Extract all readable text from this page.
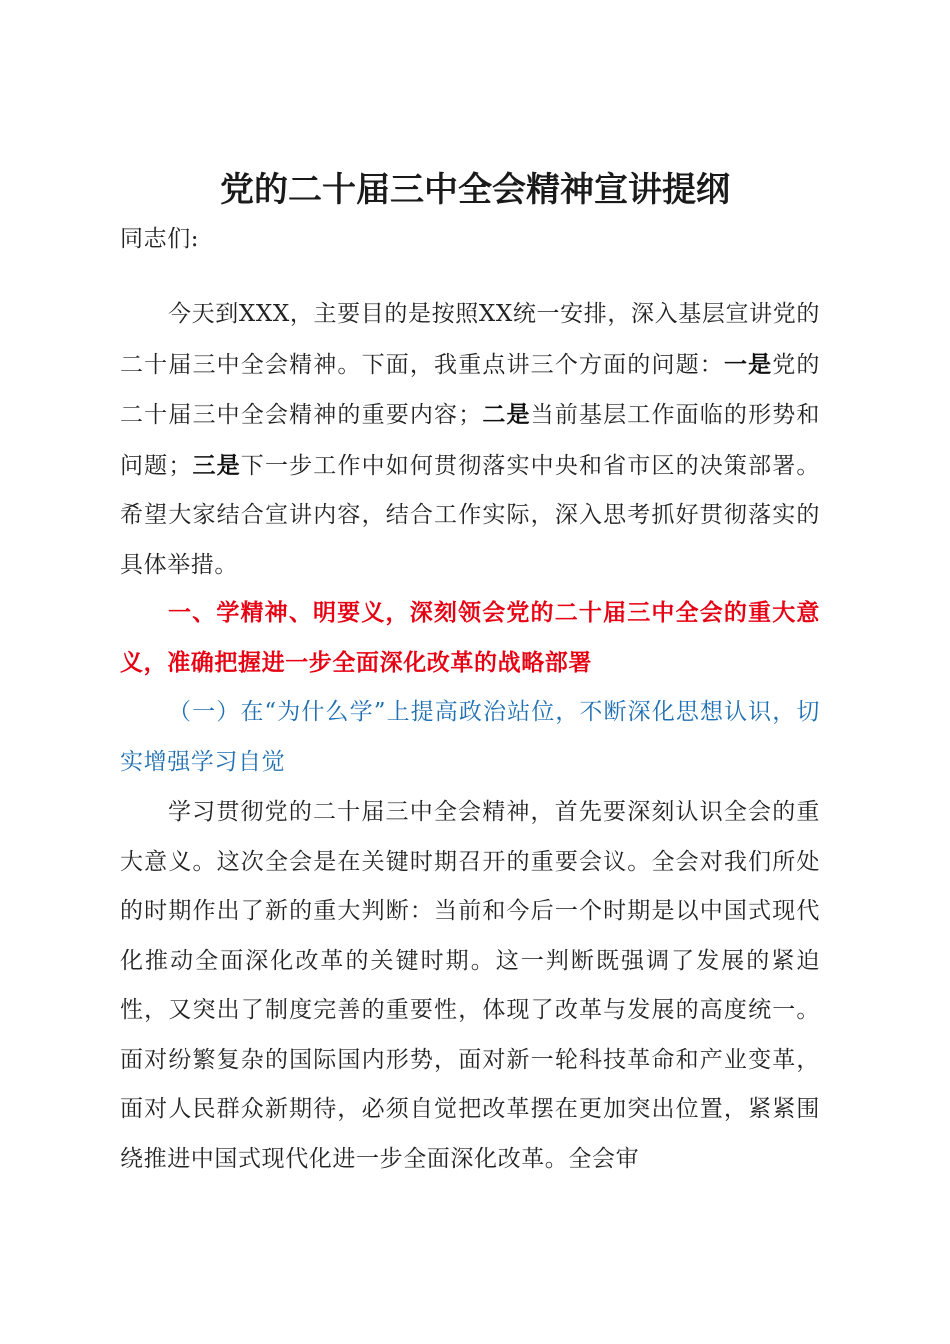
党的二十届三中全会精神宣讲提纲
同志们:
今天到XXX，主要目的是按照XX统一安排，深入基层宣讲党的二十届三中全会精神。下面，我重点讲三个方面的问题：一是党的二十届三中全会精神的重要内容；二是当前基层工作面临的形势和问题；三是下一步工作中如何贯彻落实中央和省市区的决策部署。希望大家结合宣讲内容，结合工作实际，深入思考抓好贯彻落实的具体举措。
一、学精神、明要义，深刻领会党的二十届三中全会的重大意义，准确把握进一步全面深化改革的战略部署
（一）在“为什么学”上提高政治站位，不断深化思想认识，切实增强学习自觉
学习贯彻党的二十届三中全会精神，首先要深刻认识全会的重大意义。这次全会是在关键时期召开的重要会议。全会对我们所处的时期作出了新的重大判断：当前和今后一个时期是以中国式现代化推动全面深化改革的关键时期。这一判断既强调了发展的紧迫性，又突出了制度完善的重要性，体现了改革与发展的高度统一。面对纷繁复杂的国际国内形势，面对新一轮科技革命和产业变革，面对人民群众新期待，必须自觉把改革摆在更加突出位置，紧紧围绕推进中国式现代化进一步全面深化改革。全会审
